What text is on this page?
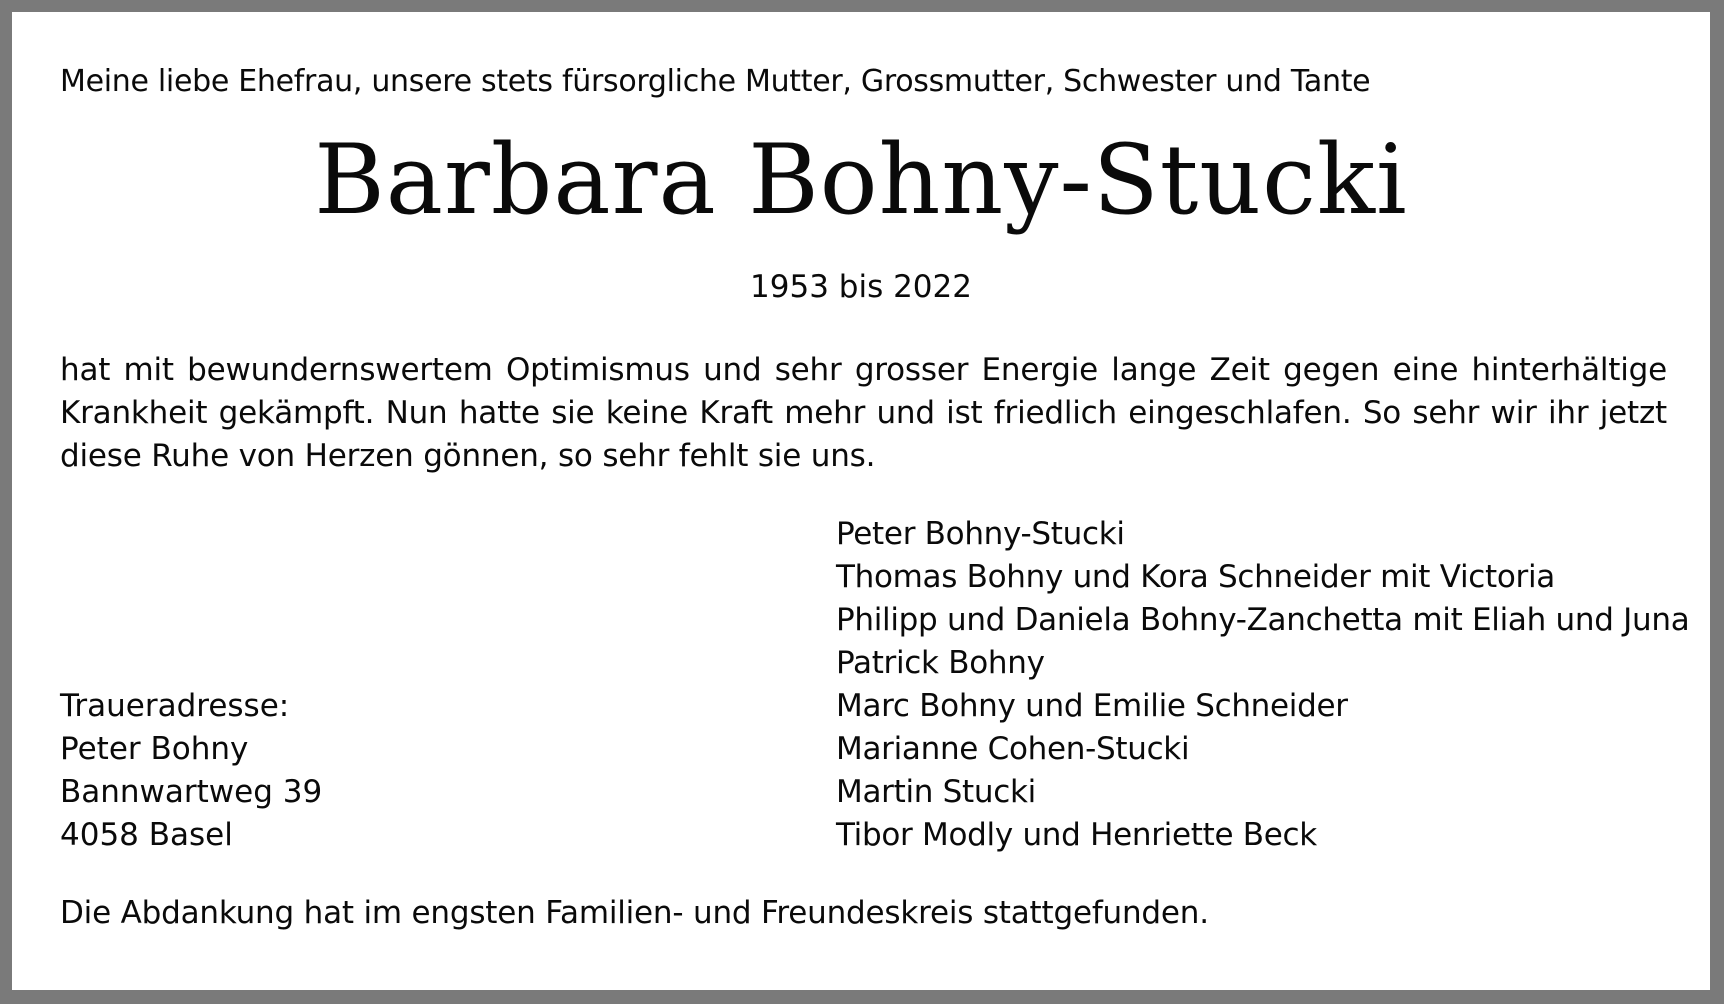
Meine liebe Ehefrau, unsere stets fürsorgliche Mutter, Grossmutter, Schwester und Tante
Barbara Bohny-Stucki
1953 bis 2022

hat mit bewundernswertem Optimismus und sehr grosser Energie lange Zeit gegen eine hinterhältige Krankheit gekämpft. Nun hatte sie keine Kraft mehr und ist friedlich eingeschlafen. So sehr wir ihr jetzt diese Ruhe von Herzen gönnen, so sehr fehlt sie uns.

Traueradresse:
Peter Bohny
Bannwartweg 39
4058 Basel
Peter Bohny-Stucki
Thomas Bohny und Kora Schneider mit Victoria
Philipp und Daniela Bohny-Zanchetta mit Eliah und Juna
Patrick Bohny
Marc Bohny und Emilie Schneider
Marianne Cohen-Stucki
Martin Stucki
Tibor Modly und Henriette Beck
Die Abdankung hat im engsten Familien- und Freundeskreis stattgefunden.
